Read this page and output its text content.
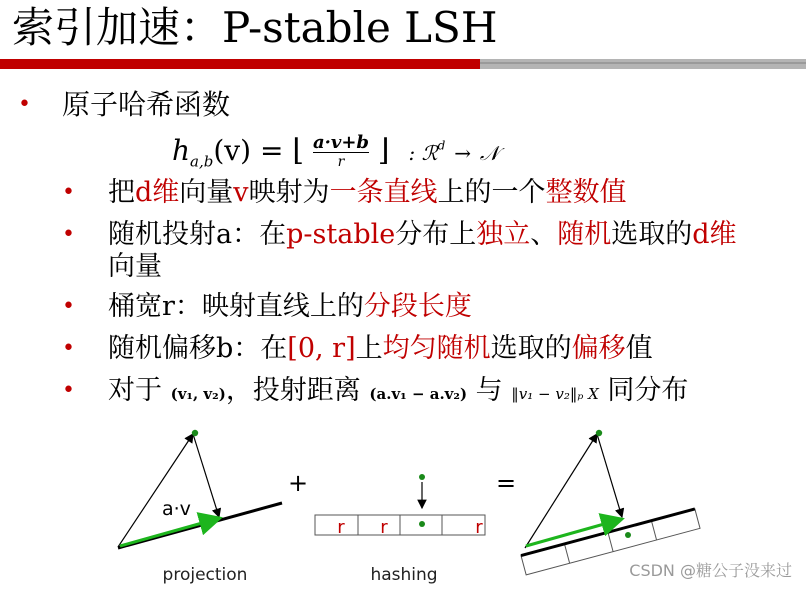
索引加速：P-stable LSH
• 原子哈希函数
$h_{a,b}(v)$ = ⌊ a·v+b
r	⌋ : ℛ$^d$ → 𝒩
• 把d维向量v映射为一条直线上的一个整数值
• 随机投射a：在p-stable分布上独立、随机选取的d维
向量
• 桶宽r：映射直线上的分段长度
• 随机偏移b：在[0, r]上均匀随机选取的偏移值
• 对于 (v₁, v₂)，投射距离 (a.v₁ − a.v₂) 与 ‖v₁ − v₂‖ₚ X 同分布
a·v
projection
+
r r	r
hashing
=
CSDN @糖公子没来过
